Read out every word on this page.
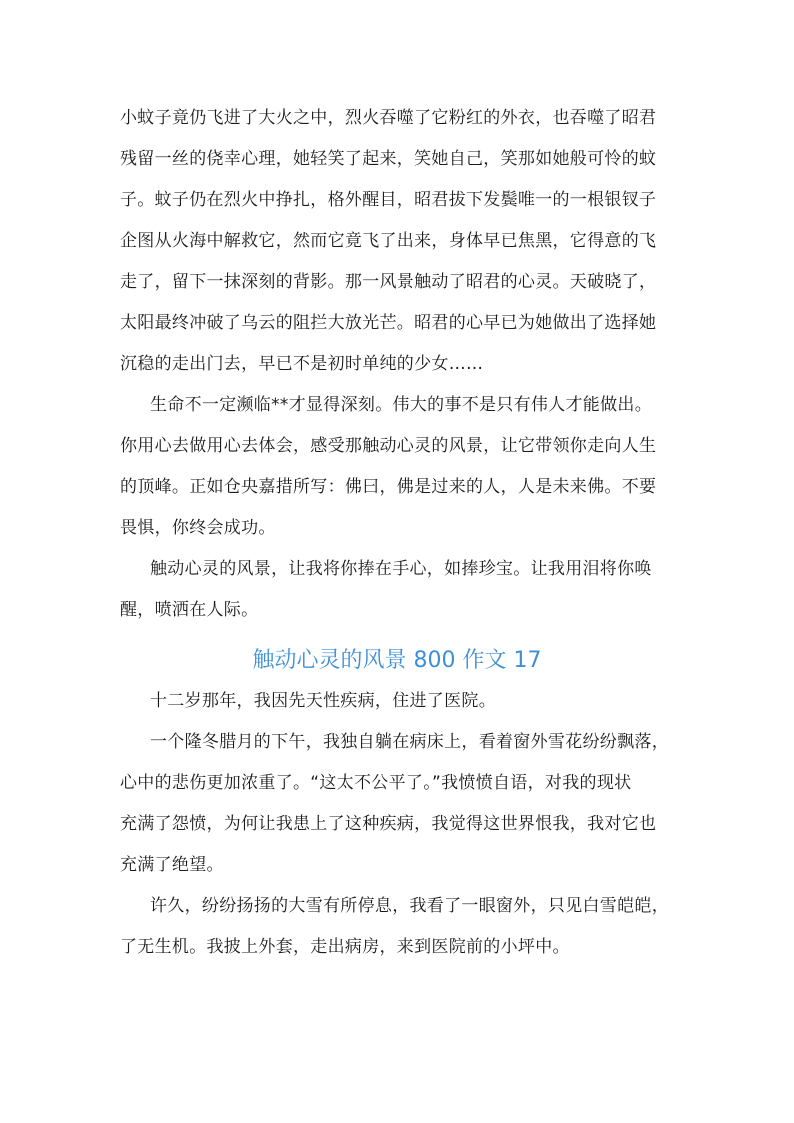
小蚊子竟仍飞进了大火之中，烈火吞噬了它粉红的外衣，也吞噬了昭君
残留一丝的侥幸心理，她轻笑了起来，笑她自己，笑那如她般可怜的蚊
子。蚊子仍在烈火中挣扎，格外醒目，昭君拔下发鬓唯一的一根银钗子
企图从火海中解救它，然而它竟飞了出来，身体早已焦黑，它得意的飞
走了，留下一抹深刻的背影。那一风景触动了昭君的心灵。天破晓了，
太阳最终冲破了乌云的阻拦大放光芒。昭君的心早已为她做出了选择她
沉稳的走出门去，早已不是初时单纯的少女……
生命不一定濒临**才显得深刻。伟大的事不是只有伟人才能做出。
你用心去做用心去体会，感受那触动心灵的风景，让它带领你走向人生
的顶峰。正如仓央嘉措所写：佛曰，佛是过来的人，人是未来佛。不要
畏惧，你终会成功。
触动心灵的风景，让我将你捧在手心，如捧珍宝。让我用泪将你唤
醒，喷洒在人际。
触动心灵的风景 800 作文 17
十二岁那年，我因先天性疾病，住进了医院。
一个隆冬腊月的下午，我独自躺在病床上，看着窗外雪花纷纷飘落，
心中的悲伤更加浓重了。“这太不公平了。”我愤愤自语，对我的现状
充满了怨愤，为何让我患上了这种疾病，我觉得这世界恨我，我对它也
充满了绝望。
许久，纷纷扬扬的大雪有所停息，我看了一眼窗外，只见白雪皑皑，
了无生机。我披上外套，走出病房，来到医院前的小坪中。
